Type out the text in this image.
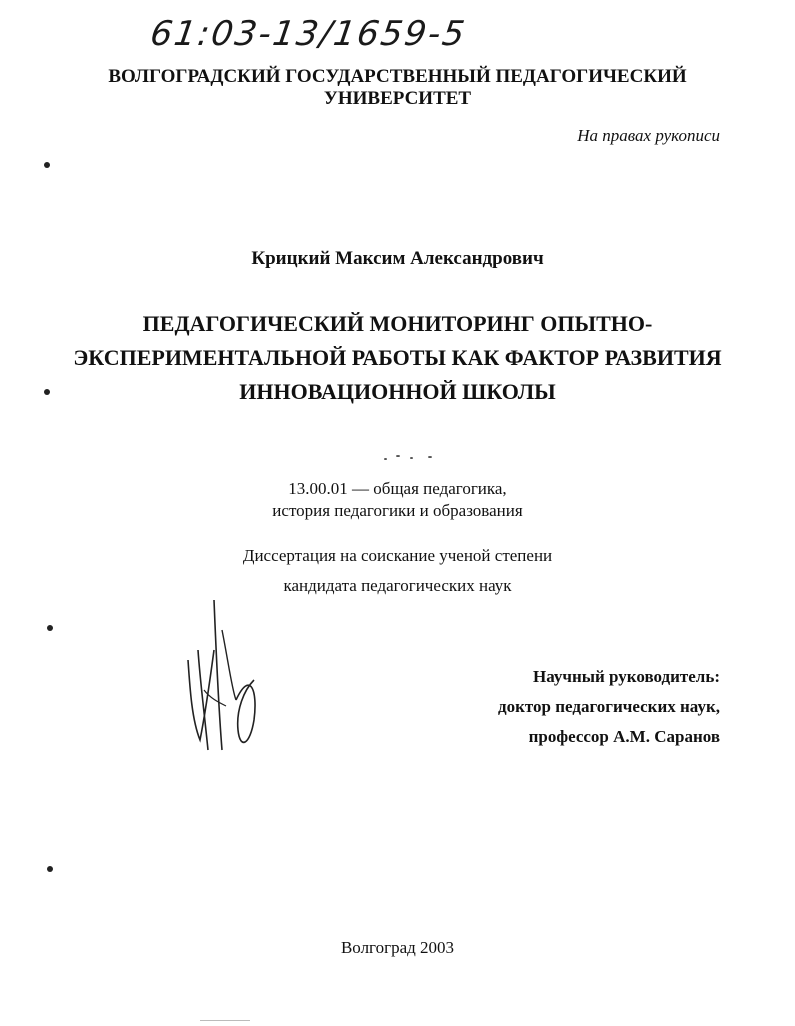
61:03-13/1659-5
ВОЛГОГРАДСКИЙ ГОСУДАРСТВЕННЫЙ ПЕДАГОГИЧЕСКИЙ
УНИВЕРСИТЕТ
На правах рукописи
Крицкий Максим Александрович
ПЕДАГОГИЧЕСКИЙ МОНИТОРИНГ ОПЫТНО-
ЭКСПЕРИМЕНТАЛЬНОЙ РАБОТЫ КАК ФАКТОР РАЗВИТИЯ
ИННОВАЦИОННОЙ ШКОЛЫ
13.00.01 — общая педагогика,
история педагогики и образования
Диссертация на соискание ученой степени
кандидата педагогических наук
Научный руководитель:
доктор педагогических наук,
профессор А.М. Саранов
Волгоград 2003
